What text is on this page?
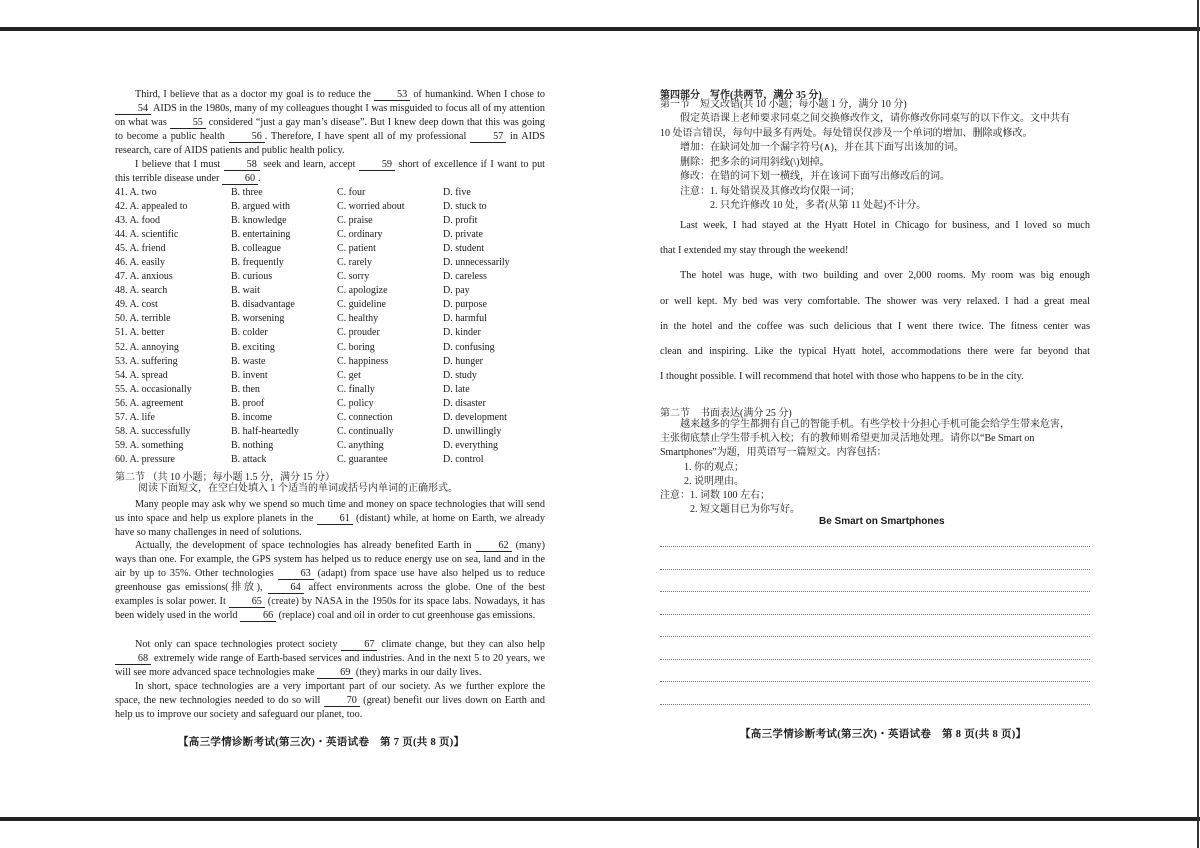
Third, I believe that as a doctor my goal is to reduce the 53 of humankind. When I chose to 54 AIDS in the 1980s, many of my colleagues thought I was misguided to focus all of my attention on what was 55 considered “just a gay man’s disease”. But I knew deep down that this was going to become a public health 56 . Therefore, I have spent all of my professional 57 in AIDS research, care of AIDS patients and public health policy.

I believe that I must 58 seek and learn, accept 59 short of excellence if I want to put this terrible disease under 60 .

41. A. two	B. three	C. four	D. five
42. A. appealed to	B. argued with	C. worried about	D. stuck to
43. A. food	B. knowledge	C. praise	D. profit
44. A. scientific	B. entertaining	C. ordinary	D. private
45. A. friend	B. colleague	C. patient	D. student
46. A. easily	B. frequently	C. rarely	D. unnecessarily
47. A. anxious	B. curious	C. sorry	D. careless
48. A. search	B. wait	C. apologize	D. pay
49. A. cost	B. disadvantage	C. guideline	D. purpose
50. A. terrible	B. worsening	C. healthy	D. harmful
51. A. better	B. colder	C. prouder	D. kinder
52. A. annoying	B. exciting	C. boring	D. confusing
53. A. suffering	B. waste	C. happiness	D. hunger
54. A. spread	B. invent	C. get	D. study
55. A. occasionally	B. then	C. finally	D. late
56. A. agreement	B. proof	C. policy	D. disaster
57. A. life	B. income	C. connection	D. development
58. A. successfully	B. half-heartedly	C. continually	D. unwillingly
59. A. something	B. nothing	C. anything	D. everything
60. A. pressure	B. attack	C. guarantee	D. control
第二节 （共 10 小题；每小题 1.5 分，满分 15 分）
阅读下面短文，在空白处填入 1 个适当的单词或括号内单词的正确形式。

Many people may ask why we spend so much time and money on space technologies that will send us into space and help us explore planets in the 61 (distant) while, at home on Earth, we already have so many challenges in need of solutions.

Actually, the development of space technologies has already benefited Earth in 62 (many) ways than one. For example, the GPS system has helped us to reduce energy use on sea, land and in the air by up to 35%. Other technologies 63 (adapt) from space use have also helped us to reduce greenhouse gas emissions(排放), 64 affect environments across the globe. One of the best examples is solar power. It 65 (create) by NASA in the 1950s for its space labs. Nowadays, it has been widely used in the world 66 (replace) coal and oil in order to cut greenhouse gas emissions.

Not only can space technologies protect society 67 climate change, but they can also help 68 extremely wide range of Earth-based services and industries. And in the next 5 to 20 years, we will see more advanced space technologies make 69 (they) marks in our daily lives.

In short, space technologies are a very important part of our society. As we further explore the space, the new technologies needed to do so will 70 (great) benefit our lives down on Earth and help us to improve our society and safeguard our planet, too.

【高三学情诊断考试(第三次)・英语试卷　第 7 页(共 8 页)】
第四部分　写作(共两节，满分 35 分)
第一节　短文改错(共 10 小题；每小题 1 分，满分 10 分)
假定英语课上老师要求同桌之间交换修改作文，请你修改你同桌写的以下作文。文中共有
10 处语言错误，每句中最多有两处。每处错误仅涉及一个单词的增加、删除或修改。
增加：在缺词处加一个漏字符号(∧)，并在其下面写出该加的词。
删除：把多余的词用斜线(\)划掉。
修改：在错的词下划一横线，并在该词下面写出修改后的词。
注意：1. 每处错误及其修改均仅限一词；
　　　2. 只允许修改 10 处，多者(从第 11 处起)不计分。
Last week, I had stayed at the Hyatt Hotel in Chicago for business, and I loved so much
that I extended my stay through the weekend!
The hotel was huge, with two building and over 2,000 rooms. My room was big enough
or well kept. My bed was very comfortable. The shower was very relaxed. I had a great meal
in the hotel and the coffee was such delicious that I went there twice. The fitness center was
clean and inspiring. Like the typical Hyatt hotel, accommodations there were far beyond that
I thought possible. I will recommend that hotel with those who happens to be in the city.
第二节　书面表达(满分 25 分)
越来越多的学生都拥有自己的智能手机。有些学校十分担心手机可能会给学生带来危害，
主张彻底禁止学生带手机入校；有的教师则希望更加灵活地处理。请你以“Be Smart on
Smartphones”为题，用英语写一篇短文。内容包括：
1. 你的观点；
2. 说明理由。
注意：1. 词数 100 左右；
　　　2. 短文题目已为你写好。
Be Smart on Smartphones
【高三学情诊断考试(第三次)・英语试卷　第 8 页(共 8 页)】
